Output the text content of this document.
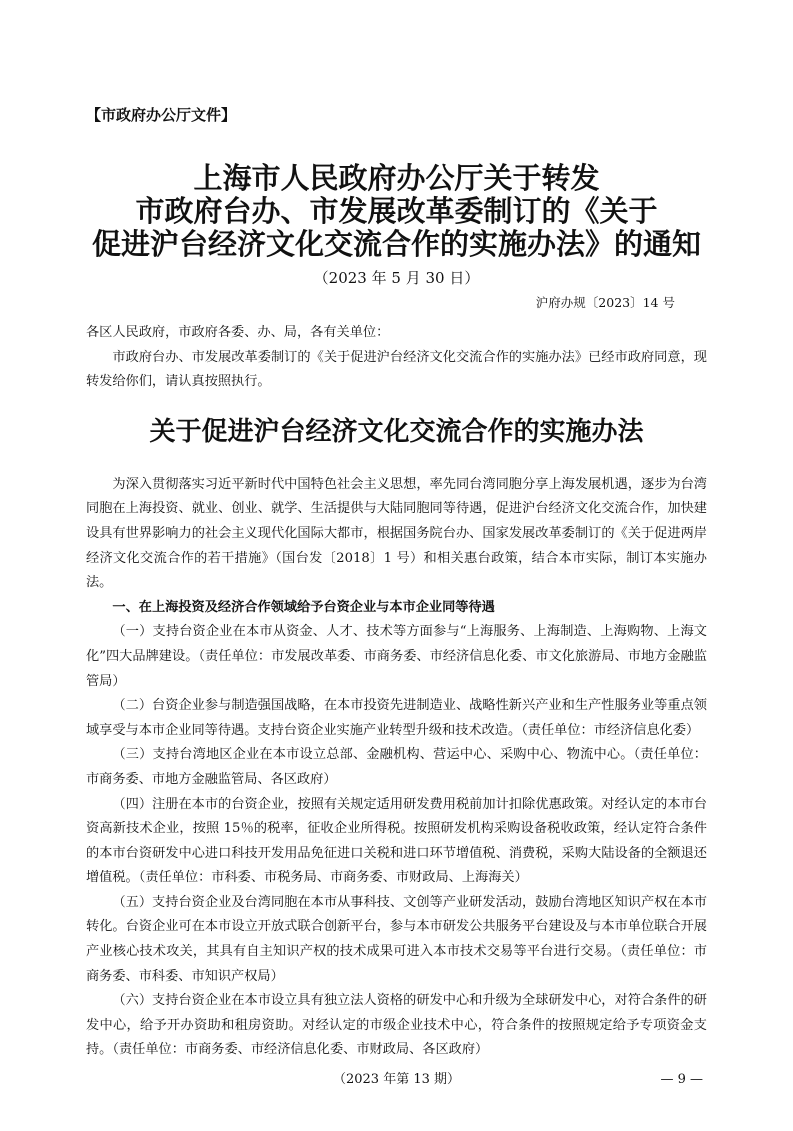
【市政府办公厅文件】
上海市人民政府办公厅关于转发
市政府台办、市发展改革委制订的《关于
促进沪台经济文化交流合作的实施办法》的通知
（2023 年 5 月 30 日）
沪府办规〔2023〕14 号
各区人民政府，市政府各委、办、局，各有关单位：
市政府台办、市发展改革委制订的《关于促进沪台经济文化交流合作的实施办法》已经市政府同意，现转发给你们，请认真按照执行。
关于促进沪台经济文化交流合作的实施办法

为深入贯彻落实习近平新时代中国特色社会主义思想，率先同台湾同胞分享上海发展机遇，逐步为台湾同胞在上海投资、就业、创业、就学、生活提供与大陆同胞同等待遇，促进沪台经济文化交流合作，加快建设具有世界影响力的社会主义现代化国际大都市，根据国务院台办、国家发展改革委制订的《关于促进两岸经济文化交流合作的若干措施》（国台发〔2018〕1 号）和相关惠台政策，结合本市实际，制订本实施办法。

一、在上海投资及经济合作领域给予台资企业与本市企业同等待遇

（一）支持台资企业在本市从资金、人才、技术等方面参与“上海服务、上海制造、上海购物、上海文化”四大品牌建设。（责任单位：市发展改革委、市商务委、市经济信息化委、市文化旅游局、市地方金融监管局）

（二）台资企业参与制造强国战略，在本市投资先进制造业、战略性新兴产业和生产性服务业等重点领域享受与本市企业同等待遇。支持台资企业实施产业转型升级和技术改造。（责任单位：市经济信息化委）

（三）支持台湾地区企业在本市设立总部、金融机构、营运中心、采购中心、物流中心。（责任单位：市商务委、市地方金融监管局、各区政府）

（四）注册在本市的台资企业，按照有关规定适用研发费用税前加计扣除优惠政策。对经认定的本市台资高新技术企业，按照 15％的税率，征收企业所得税。按照研发机构采购设备税收政策，经认定符合条件的本市台资研发中心进口科技开发用品免征进口关税和进口环节增值税、消费税，采购大陆设备的全额退还增值税。（责任单位：市科委、市税务局、市商务委、市财政局、上海海关）

（五）支持台资企业及台湾同胞在本市从事科技、文创等产业研发活动，鼓励台湾地区知识产权在本市转化。台资企业可在本市设立开放式联合创新平台，参与本市研发公共服务平台建设及与本市单位联合开展产业核心技术攻关，其具有自主知识产权的技术成果可进入本市技术交易等平台进行交易。（责任单位：市商务委、市科委、市知识产权局）

（六）支持台资企业在本市设立具有独立法人资格的研发中心和升级为全球研发中心，对符合条件的研发中心，给予开办资助和租房资助。对经认定的市级企业技术中心，符合条件的按照规定给予专项资金支持。（责任单位：市商务委、市经济信息化委、市财政局、各区政府）

（2023 年第 13 期）	— 9 —
